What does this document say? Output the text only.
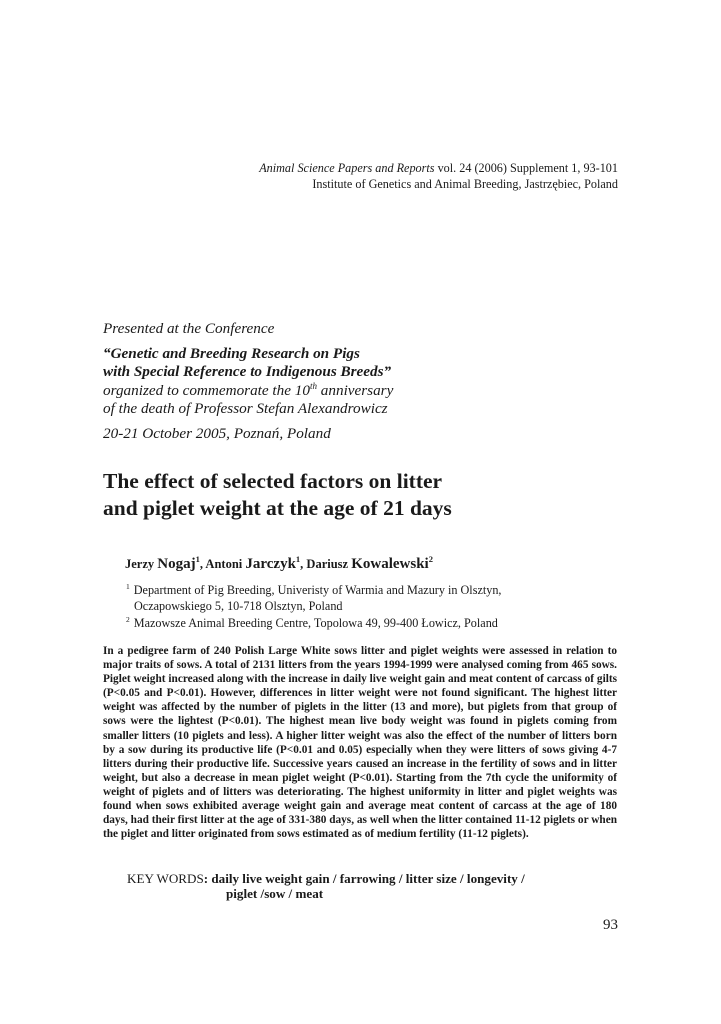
Animal Science Papers and Reports vol. 24 (2006) Supplement 1, 93-101
Institute of Genetics and Animal Breeding, Jastrzębiec, Poland
Presented at the Conference
“Genetic and Breeding Research on Pigs
with Special Reference to Indigenous Breeds”
organized to commemorate the 10th anniversary
of the death of Professor Stefan Alexandrowicz
20-21 October 2005, Poznań, Poland
The effect of selected factors on litter
and piglet weight at the age of 21 days
Jerzy Nogaj$^1$, Antoni Jarczyk$^1$, Dariusz Kowalewski$^2$
$^1$ Department of Pig Breeding, Univeristy of Warmia and Mazury in Olsztyn,
Oczapowskiego 5, 10-718 Olsztyn, Poland
$^2$ Mazowsze Animal Breeding Centre, Topolowa 49, 99-400 Łowicz, Poland
In a pedigree farm of 240 Polish Large White sows litter and piglet weights were assessed in relation to major traits of sows. A total of 2131 litters from the years 1994-1999 were analysed coming from 465 sows. Piglet weight increased along with the increase in daily live weight gain and meat content of carcass of gilts (P<0.05 and P<0.01). However, differences in litter weight were not found significant. The highest litter weight was affected by the number of piglets in the litter (13 and more), but piglets from that group of sows were the lightest (P<0.01). The highest mean live body weight was found in piglets coming from smaller litters (10 piglets and less). A higher litter weight was also the effect of the number of litters born by a sow during its productive life (P<0.01 and 0.05) especially when they were litters of sows giving 4-7 litters during their productive life. Successive years caused an increase in the fertility of sows and in litter weight, but also a decrease in mean piglet weight (P<0.01). Starting from the 7th cycle the uniformity of weight of piglets and of litters was deteriorating. The highest uniformity in litter and piglet weights was found when sows exhibited average weight gain and average meat content of carcass at the age of 180 days, had their first litter at the age of 331-380 days, as well when the litter contained 11-12 piglets or when the piglet and litter originated from sows estimated as of medium fertility (11-12 piglets).
KEY WORDS: daily live weight gain / farrowing / litter size / longevity /
piglet /sow / meat
93
